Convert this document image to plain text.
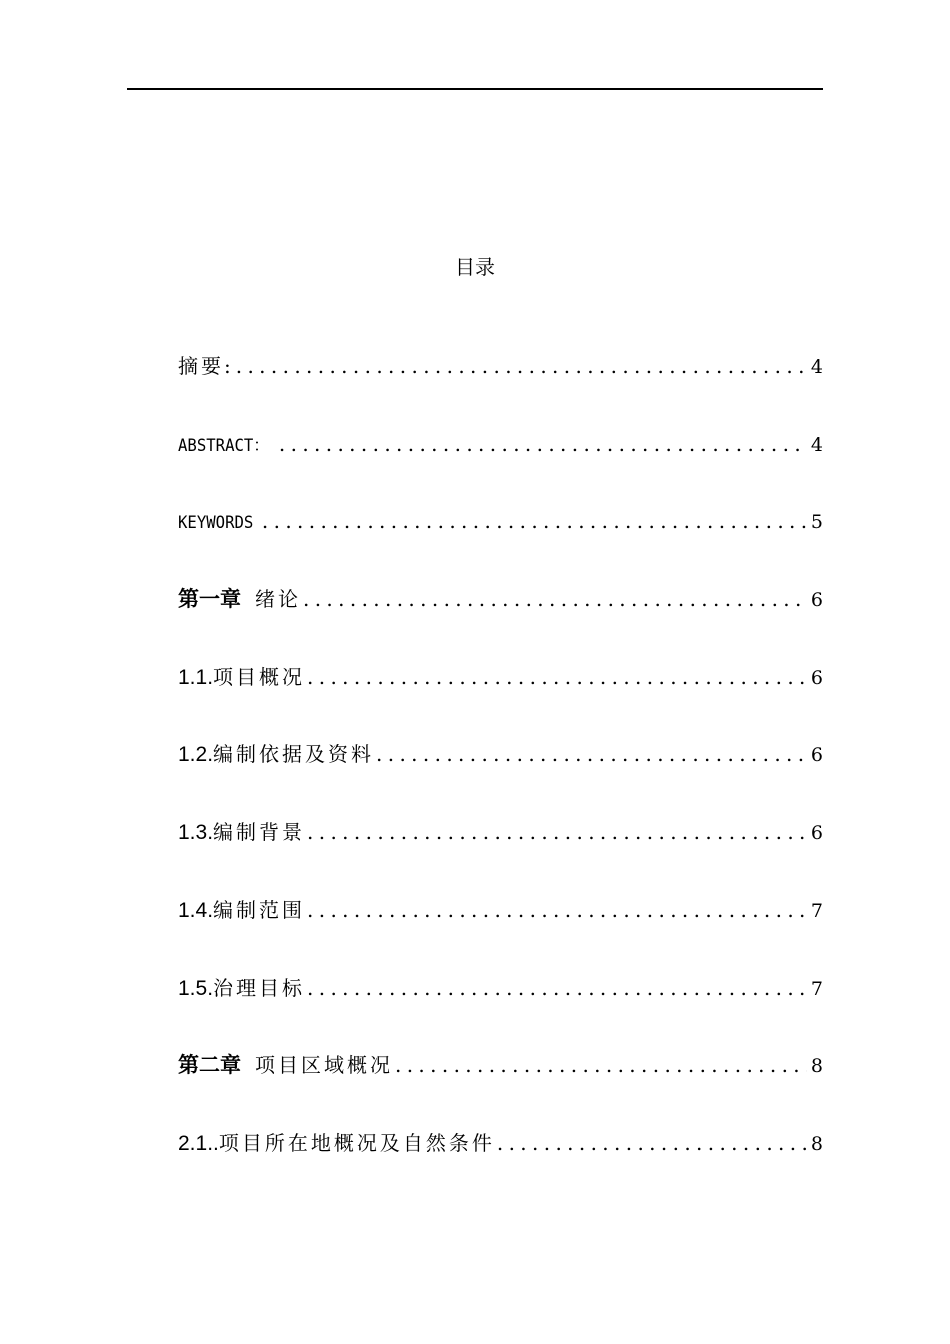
目录
摘要: . . .	4
ABSTRACT： . . .	4
KEYWORDS . . .	5
第一章 绪论 . . .	6
1.1. 项目概况 . . .	6
1.2. 编制依据及资料 . . .	6
1.3. 编制背景 . . .	6
1.4. 编制范围 . . .	7
1.5. 治理目标 . . .	7
第二章 项目区域概况 . . .	8
2.1.. 项目所在地概况及自然条件 . . .	8
